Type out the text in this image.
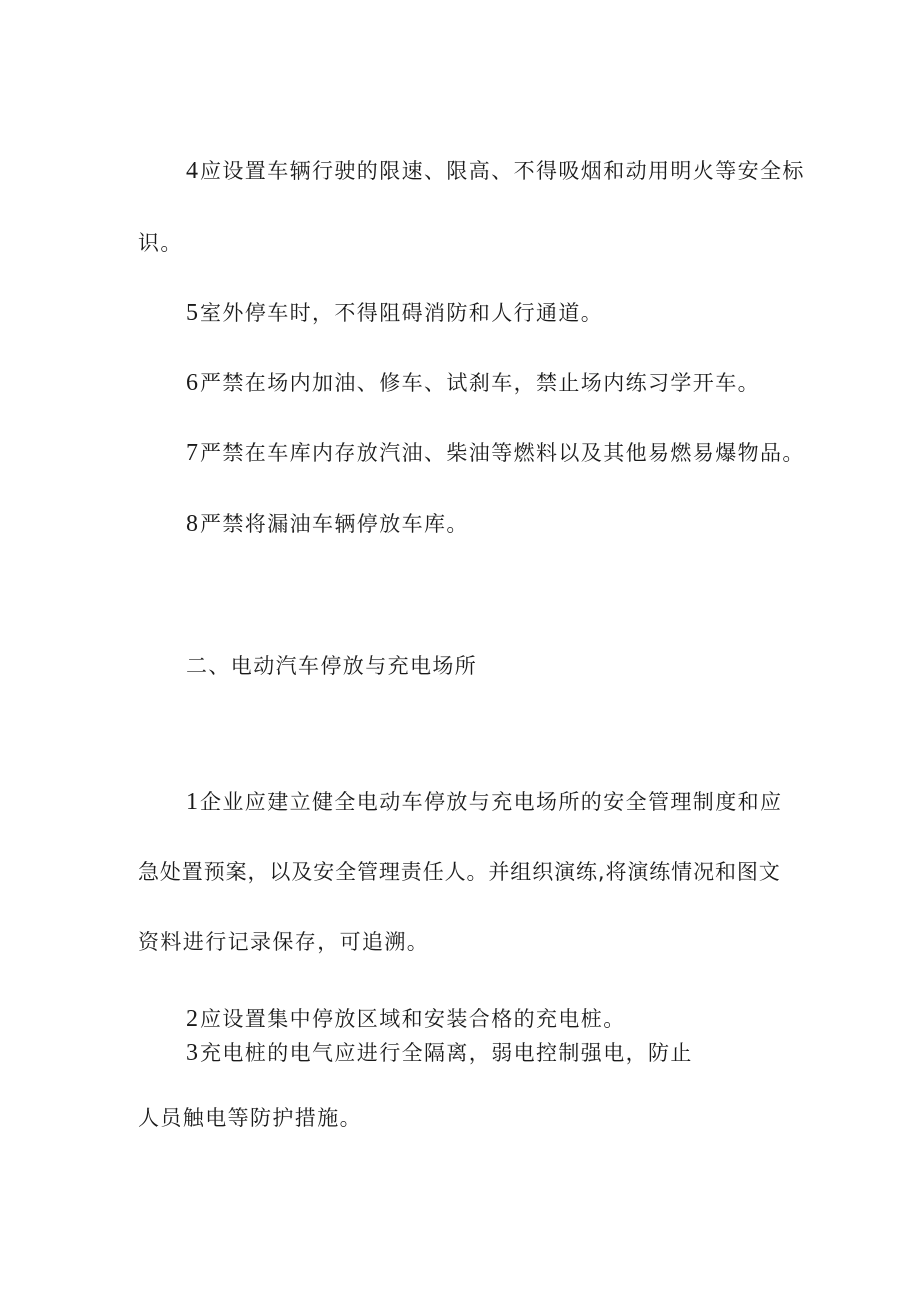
4应设置车辆行驶的限速、限高、不得吸烟和动用明火等安全标

识。

5室外停车时，不得阻碍消防和人行通道。

6严禁在场内加油、修车、试刹车，禁止场内练习学开车。

7严禁在车库内存放汽油、柴油等燃料以及其他易燃易爆物品。

8严禁将漏油车辆停放车库。

二、电动汽车停放与充电场所

1企业应建立健全电动车停放与充电场所的安全管理制度和应

急处置预案，以及安全管理责任人。并组织演练,将演练情况和图文

资料进行记录保存，可追溯。

2应设置集中停放区域和安装合格的充电桩。

3充电桩的电气应进行全隔离，弱电控制强电，防止

人员触电等防护措施。
